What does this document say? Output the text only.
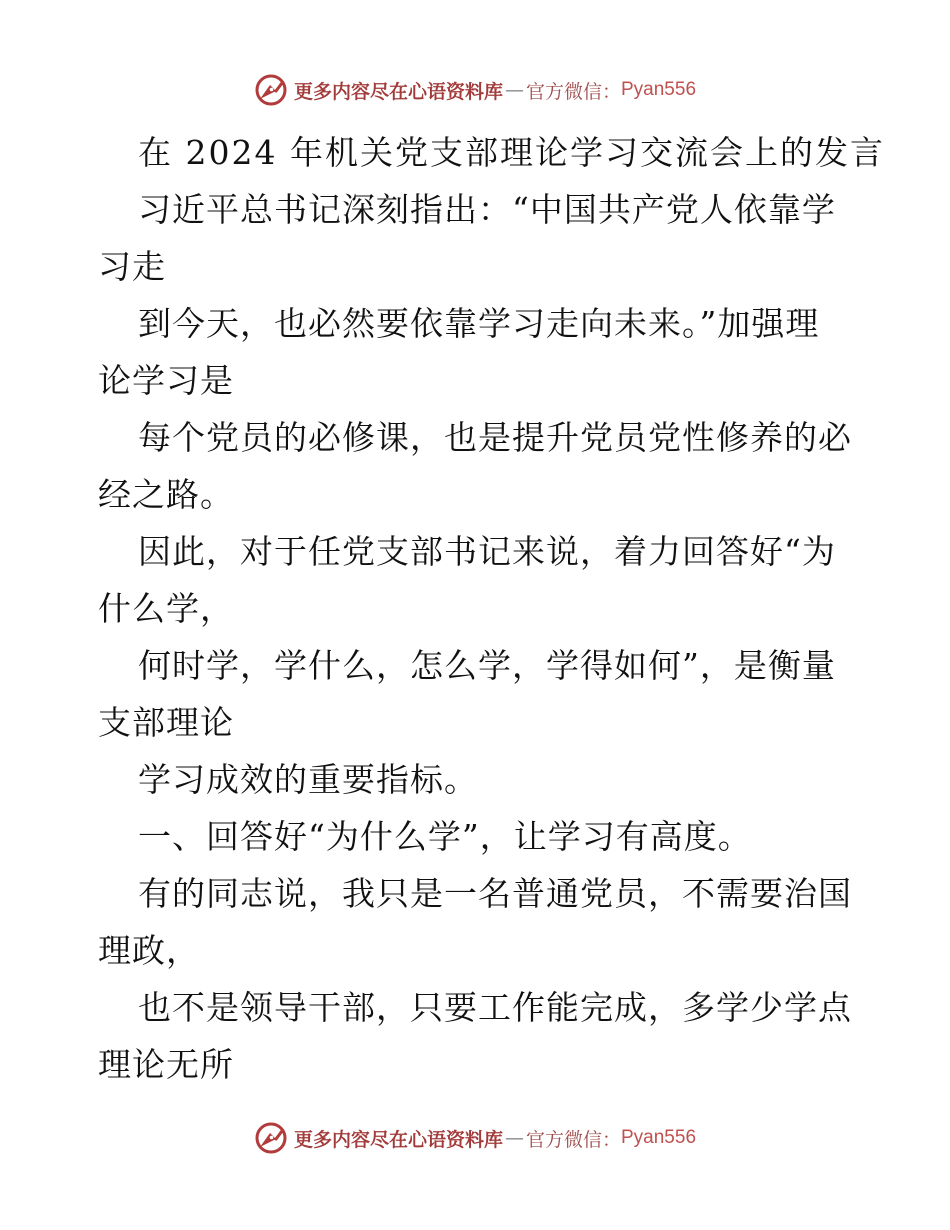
更多内容尽在心语资料库 — 官方微信： Pyan556
在 2024 年机关党支部理论学习交流会上的发言
习近平总书记深刻指出：“中国共产党人依靠学
习走
到今天，也必然要依靠学习走向未来。”加强理
论学习是
每个党员的必修课，也是提升党员党性修养的必
经之路。
因此，对于任党支部书记来说，着力回答好“为
什么学，
何时学，学什么，怎么学，学得如何”，是衡量
支部理论
学习成效的重要指标。
一、回答好“为什么学”，让学习有高度。
有的同志说，我只是一名普通党员，不需要治国
理政，
也不是领导干部，只要工作能完成，多学少学点
理论无所
更多内容尽在心语资料库 — 官方微信： Pyan556
